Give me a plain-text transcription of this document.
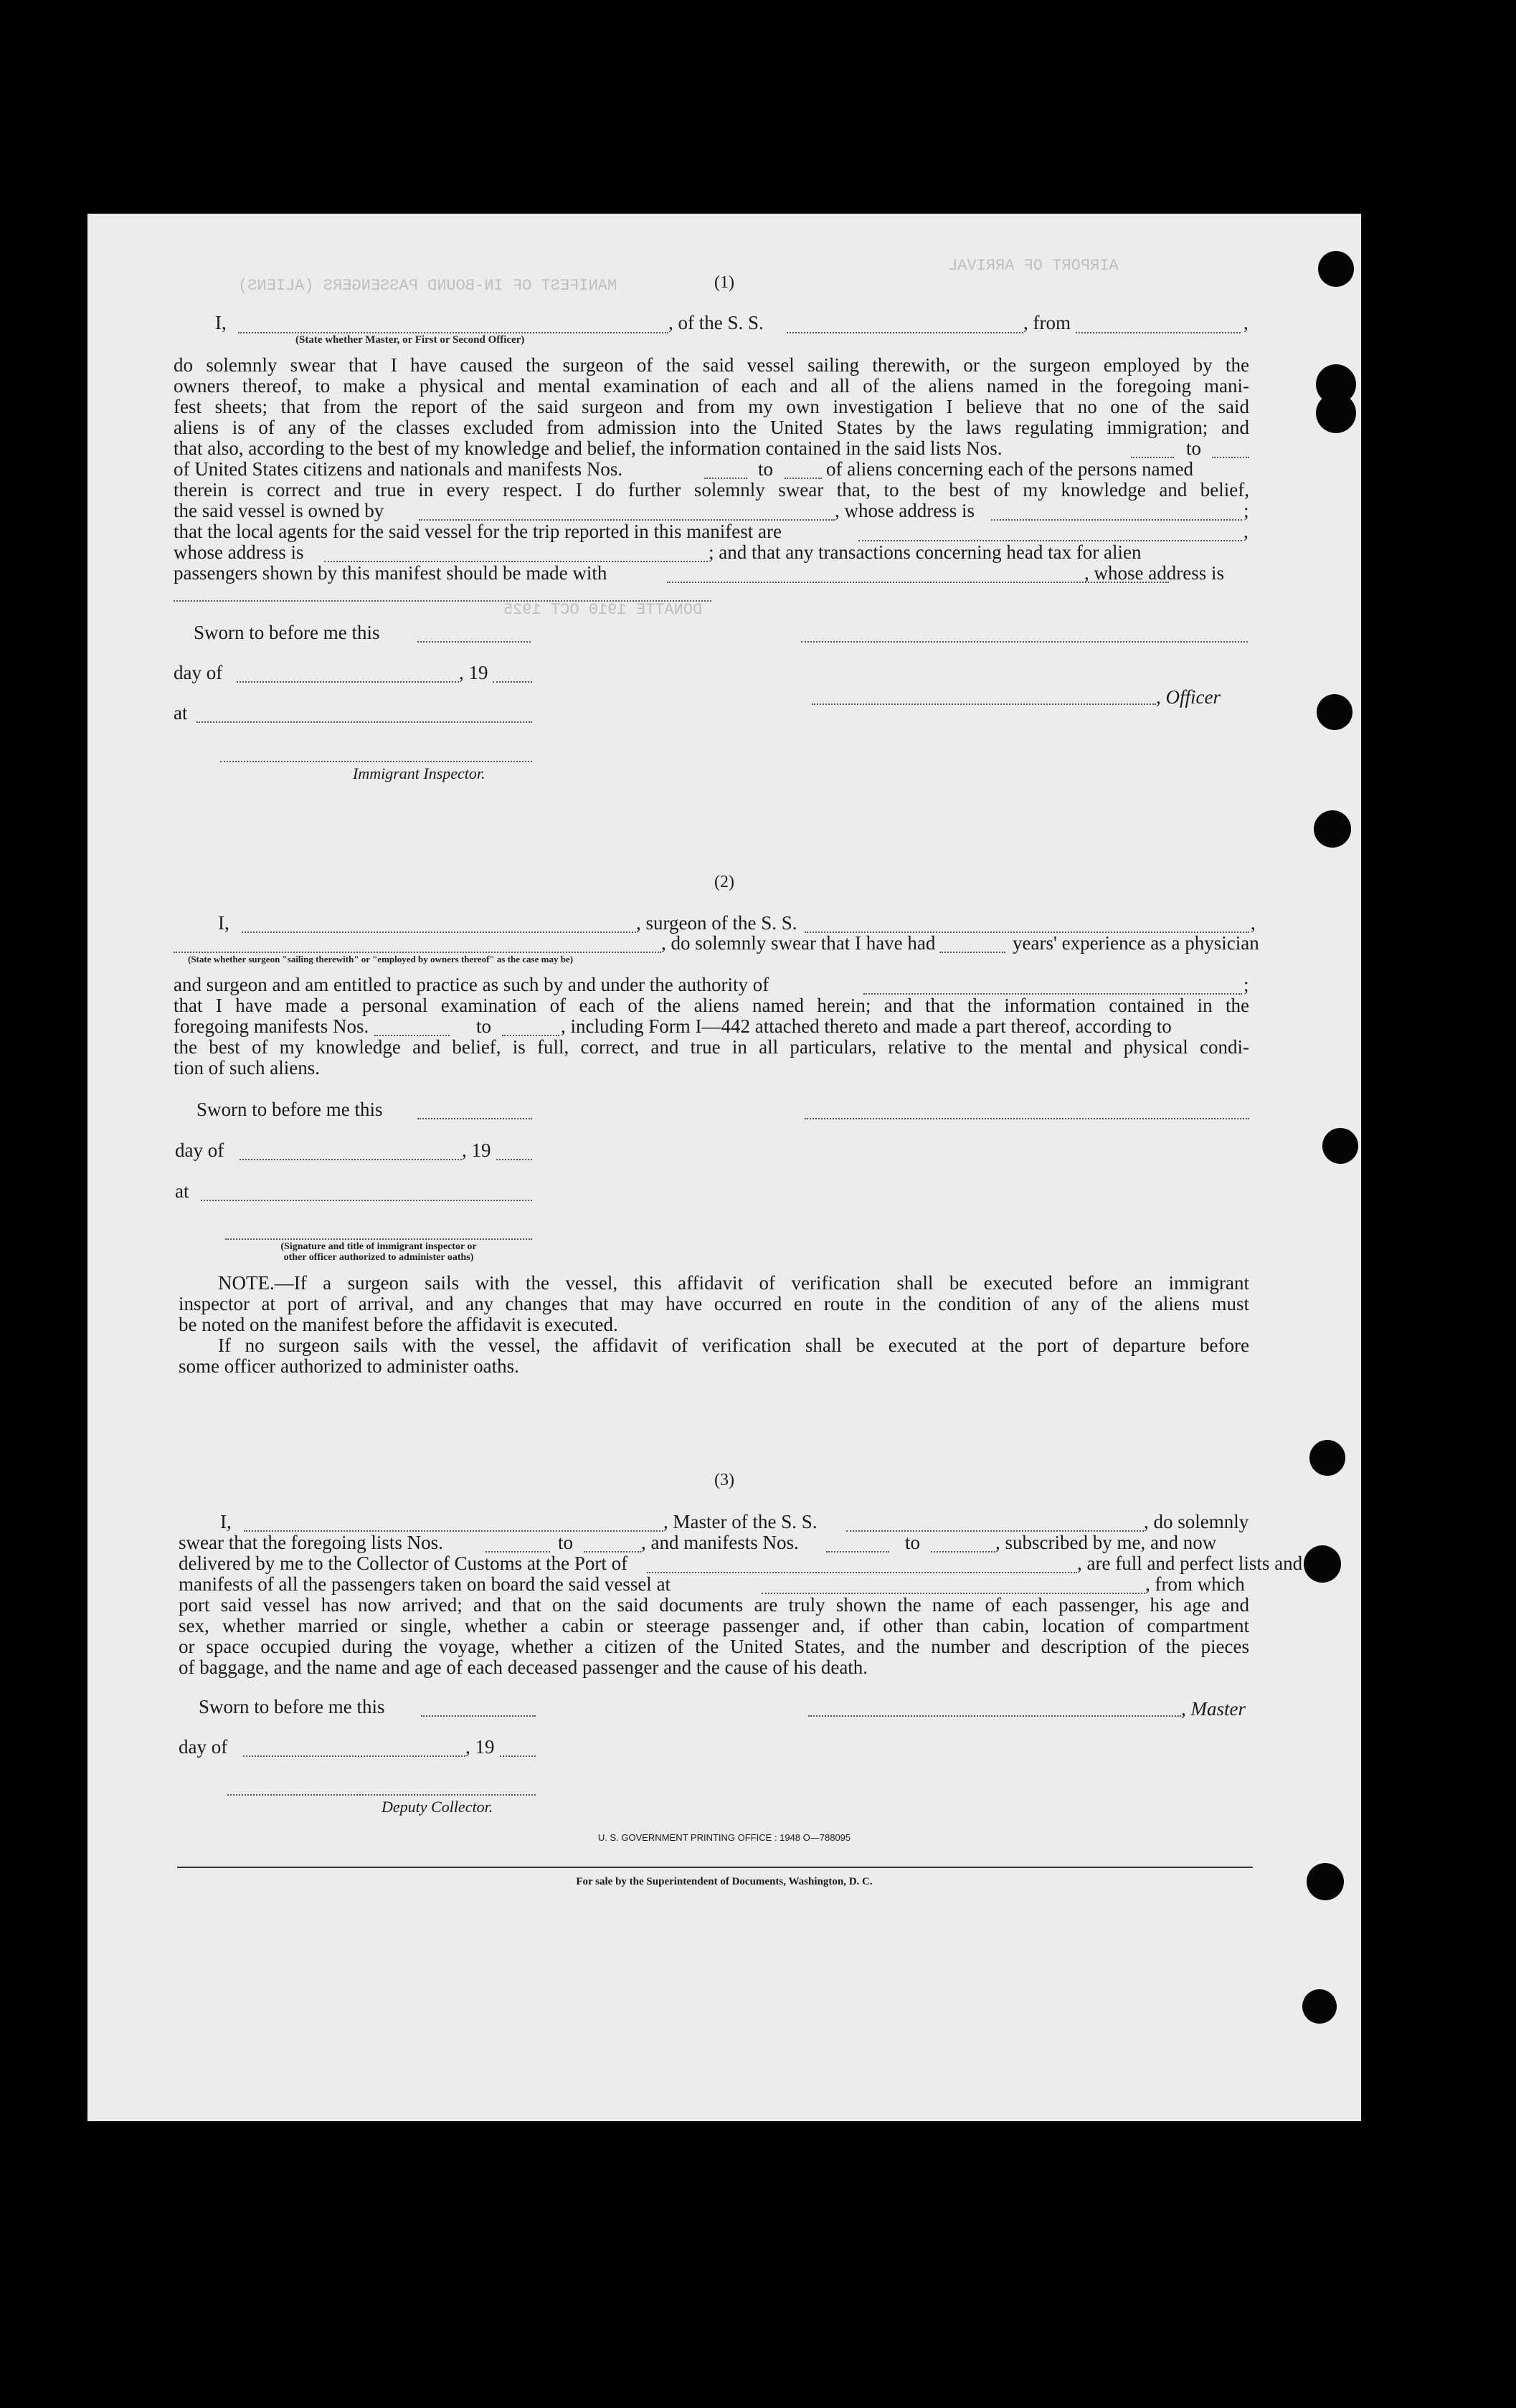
MANIFEST OF IN-BOUND PASSENGERS (ALIENS)
AIRPORT OF ARRIVAL
DONATTE 1910 OCT 1925
(1)
I,	, of the S. S.	, from	,
(State whether Master, or First or Second Officer)
do solemnly swear that I have caused the surgeon of the said vessel sailing therewith, or the surgeon employed by the
owners thereof, to make a physical and mental examination of each and all of the aliens named in the foregoing mani-
fest sheets; that from the report of the said surgeon and from my own investigation I believe that no one of the said
aliens is of any of the classes excluded from admission into the United States by the laws regulating immigration; and
that also, according to the best of my knowledge and belief, the information contained in the said lists Nos.	to
of United States citizens and nationals and manifests Nos.	to	of aliens concerning each of the persons named
therein is correct and true in every respect. I do further solemnly swear that, to the best of my knowledge and belief,
the said vessel is owned by	, whose address is	;
that the local agents for the said vessel for the trip reported in this manifest are	,
whose address is	; and that any transactions concerning head tax for alien
passengers shown by this manifest should be made with	, whose address is
Sworn to before me this
day of	, 19
at
, Officer
Immigrant Inspector.
(2)
I,	, surgeon of the S. S.	,
, do solemnly swear that I have had	years' experience as a physician
(State whether surgeon "sailing therewith" or "employed by owners thereof" as the case may be)
and surgeon and am entitled to practice as such by and under the authority of	;
that I have made a personal examination of each of the aliens named herein; and that the information contained in the
foregoing manifests Nos.	to	, including Form I—442 attached thereto and made a part thereof, according to
the best of my knowledge and belief, is full, correct, and true in all particulars, relative to the mental and physical condi-
tion of such aliens.
Sworn to before me this
day of	, 19
at
(Signature and title of immigrant inspector or
other officer authorized to administer oaths)
NOTE.—If a surgeon sails with the vessel, this affidavit of verification shall be executed before an immigrant
inspector at port of arrival, and any changes that may have occurred en route in the condition of any of the aliens must
be noted on the manifest before the affidavit is executed.
If no surgeon sails with the vessel, the affidavit of verification shall be executed at the port of departure before
some officer authorized to administer oaths.
(3)
I,	, Master of the S. S.	, do solemnly
swear that the foregoing lists Nos.	to	, and manifests Nos.	to	, subscribed by me, and now
delivered by me to the Collector of Customs at the Port of	, are full and perfect lists and
manifests of all the passengers taken on board the said vessel at	, from which
port said vessel has now arrived; and that on the said documents are truly shown the name of each passenger, his age and
sex, whether married or single, whether a cabin or steerage passenger and, if other than cabin, location of compartment
or space occupied during the voyage, whether a citizen of the United States, and the number and description of the pieces
of baggage, and the name and age of each deceased passenger and the cause of his death.
Sworn to before me this	, Master
day of	, 19
Deputy Collector.
U. S. GOVERNMENT PRINTING OFFICE : 1948 O—788095
For sale by the Superintendent of Documents, Washington, D. C.
